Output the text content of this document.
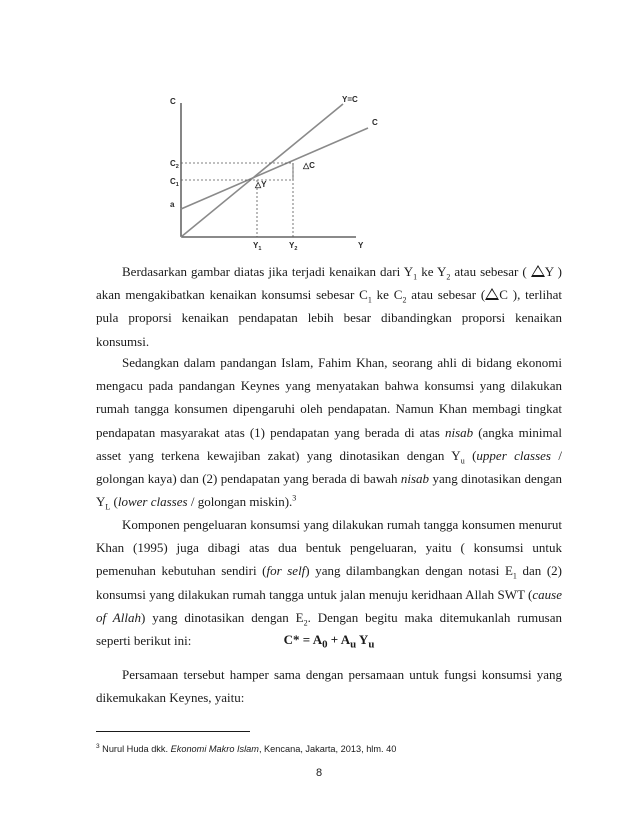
C
Y
Y=C
C
$C_2$
$C_1$
a
$Y_1$	$Y_2$
△C
△Y

Berdasarkan gambar diatas jika terjadi kenaikan dari $Y_1$ ke $Y_2$ atau sebesar ( Y ) akan mengakibatkan kenaikan konsumsi sebesar $C_1$ ke $C_2$ atau sebesar ( C ), terlihat pula proporsi kenaikan pendapatan lebih besar dibandingkan proporsi kenaikan konsumsi.

Sedangkan dalam pandangan Islam, Fahim Khan, seorang ahli di bidang ekonomi mengacu pada pandangan Keynes yang menyatakan bahwa konsumsi yang dilakukan rumah tangga konsumen dipengaruhi oleh pendapatan. Namun Khan membagi tingkat pendapatan masyarakat atas (1) pendapatan yang berada di atas nisab (angka minimal asset yang terkena kewajiban zakat) yang dinotasikan dengan $Y_u$ (upper classes / golongan kaya) dan (2) pendapatan yang berada di bawah nisab yang dinotasikan dengan $Y_L$ (lower classes / golongan miskin).$^3$

Komponen pengeluaran konsumsi yang dilakukan rumah tangga konsumen menurut Khan (1995) juga dibagi atas dua bentuk pengeluaran, yaitu ( konsumsi untuk pemenuhan kebutuhan sendiri (for self) yang dilambangkan dengan notasi $E_1$ dan (2) konsumsi yang dilakukan rumah tangga untuk jalan menuju keridhaan Allah SWT (cause of Allah) yang dinotasikan dengan $E_2$. Dengan begitu maka ditemukanlah rumusan seperti berikut ini:	$C* = A_0 + A_u$ $Y_u$

Persamaan tersebut hamper sama dengan persamaan untuk fungsi konsumsi yang dikemukakan Keynes, yaitu:

$^3$ Nurul Huda dkk. Ekonomi Makro Islam, Kencana, Jakarta, 2013, hlm. 40
8
